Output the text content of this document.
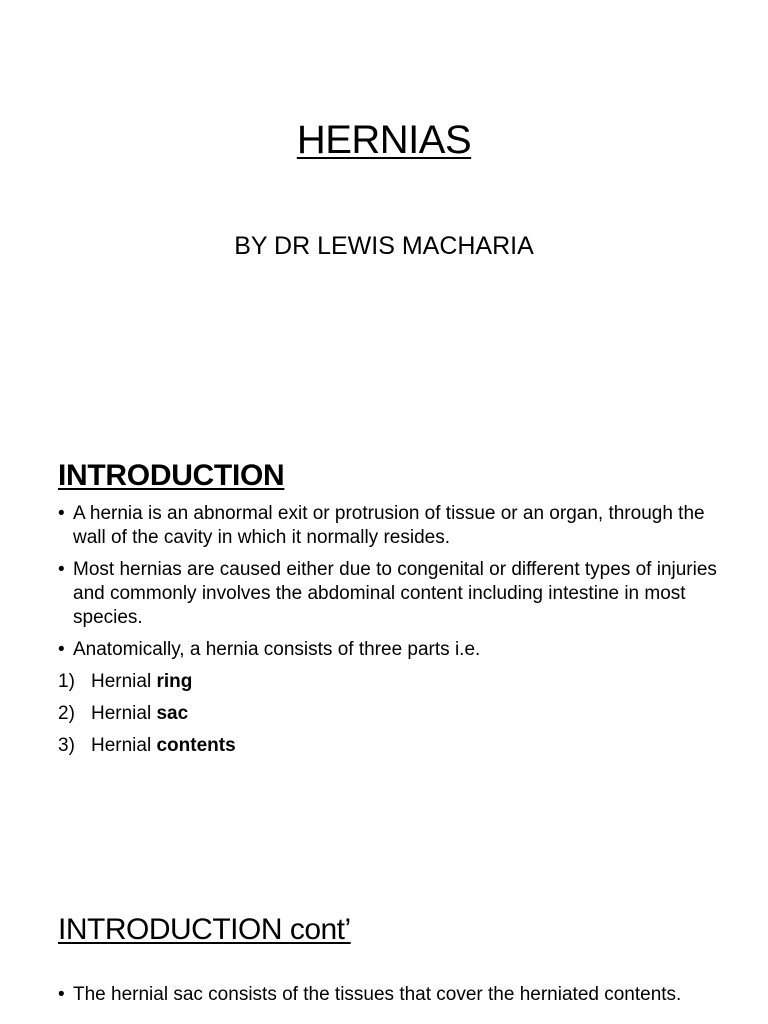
HERNIAS
BY DR LEWIS MACHARIA
INTRODUCTION
• A hernia is an abnormal exit or protrusion of tissue or an organ, through the wall of the cavity in which it normally resides.
• Most hernias are caused either due to congenital or different types of injuries and commonly involves the abdominal content including intestine in most species.
• Anatomically, a hernia consists of three parts i.e.
1) Hernial ring
2) Hernial sac
3) Hernial contents
INTRODUCTION cont’
• The hernial sac consists of the tissues that cover the herniated contents.
